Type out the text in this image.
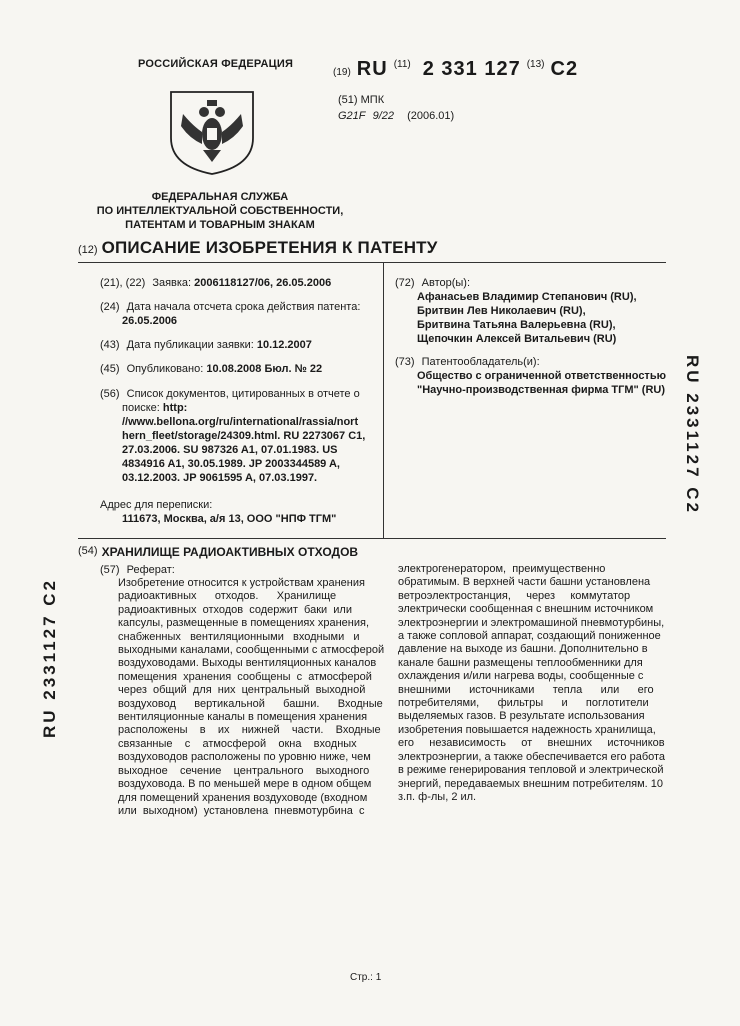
РОССИЙСКАЯ ФЕДЕРАЦИЯ
ФЕДЕРАЛЬНАЯ СЛУЖБА
ПО ИНТЕЛЛЕКТУАЛЬНОЙ СОБСТВЕННОСТИ,
ПАТЕНТАМ И ТОВАРНЫМ ЗНАКАМ
(19) RU (11) 2 331 127 (13) C2
(51) МПК
G21F 9/22 (2006.01)
(12) ОПИСАНИЕ ИЗОБРЕТЕНИЯ К ПАТЕНТУ
(21), (22) Заявка: 2006118127/06, 26.05.2006
(24) Дата начала отсчета срока действия патента:
26.05.2006
(43) Дата публикации заявки: 10.12.2007
(45) Опубликовано: 10.08.2008 Бюл. № 22
(56) Список документов, цитированных в отчете о
поиске: http:
//www.bellona.org/ru/international/rassia/nort
hern_fleet/storage/24309.html. RU 2273067 C1,
27.03.2006. SU 987326 A1, 07.01.1983. US
4834916 A1, 30.05.1989. JP 2003344589 A,
03.12.2003. JP 9061595 A, 07.03.1997.
Адрес для переписки:
111673, Москва, а/я 13, ООО "НПФ ТГМ"
(72) Автор(ы):
Афанасьев Владимир Степанович (RU),
Бритвин Лев Николаевич (RU),
Бритвина Татьяна Валерьевна (RU),
Щепочкин Алексей Витальевич (RU)
(73) Патентообладатель(и):
Общество с ограниченной ответственностью
"Научно-производственная фирма ТГМ" (RU)
RU 2331127 C2
RU 2331127 C2
(54) ХРАНИЛИЩЕ РАДИОАКТИВНЫХ ОТХОДОВ
(57) Реферат:
Изобретение относится к устройствам хранения
радиоактивных      отходов.      Хранилище
радиоактивных  отходов  содержит  баки  или
капсулы, размещенные в помещениях хранения,
снабженных   вентиляционными   входными   и
выходными каналами, сообщенными с атмосферой
воздуховодами. Выходы вентиляционных каналов
помещения  хранения  сообщены  с  атмосферой
через  общий  для  них  центральный  выходной
воздуховод      вертикальной      башни.      Входные
вентиляционные каналы в помещения хранения
расположены    в    их    нижней    части.    Входные
связанные    с    атмосферой    окна    входных
воздуховодов расположены по уровню ниже, чем
выходное    сечение    центрального    выходного
воздуховода. В по меньшей мере в одном общем
для помещений хранения воздуховоде (входном
или  выходном)  установлена  пневмотурбина  с
электрогенератором,  преимущественно
обратимым. В верхней части башни установлена
ветроэлектростанция,     через     коммутатор
электрически сообщенная с внешним источником
электроэнергии и электромашиной пневмотурбины,
а также сопловой аппарат, создающий пониженное
давление на выходе из башни. Дополнительно в
канале башни размещены теплообменники для
охлаждения и/или нагрева воды, сообщенные с
внешними      источниками      тепла      или      его
потребителями,      фильтры      и      поглотители
выделяемых газов. В результате использования
изобретения повышается надежность хранилища,
его     независимость     от     внешних     источников
электроэнергии, а также обеспечивается его работа
в режиме генерирования тепловой и электрической
энергий, передаваемых внешним потребителям. 10
з.п. ф-лы, 2 ил.
Стр.: 1
